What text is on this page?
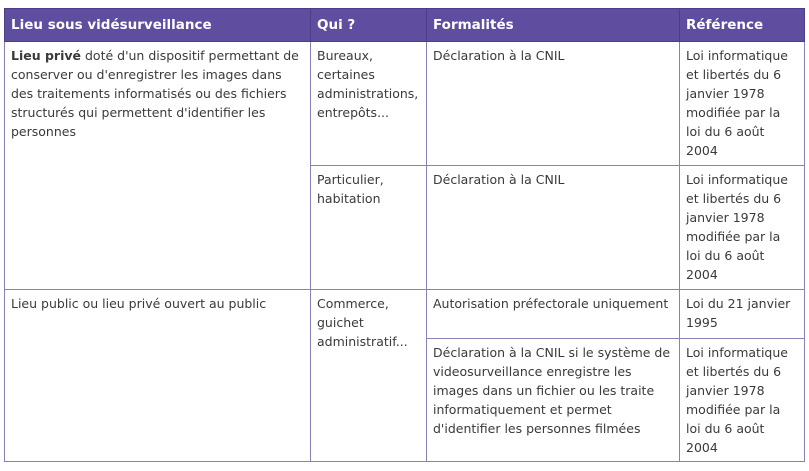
Lieu sous vidésurveillance	Qui ?	Formalités	Référence
Lieu privé doté d'un dispositif permettant de conserver ou d'enregistrer les images dans des traitements informatisés ou des fichiers structurés qui permettent d'identifier les personnes	Bureaux, certaines administrations, entrepôts...	Déclaration à la CNIL	Loi informatique et libertés du 6 janvier 1978 modifiée par la loi du 6 août 2004
	Particulier, habitation	Déclaration à la CNIL	Loi informatique et libertés du 6 janvier 1978 modifiée par la loi du 6 août 2004
Lieu public ou lieu privé ouvert au public	Commerce, guichet administratif...	Autorisation préfectorale uniquement	Loi du 21 janvier 1995
		Déclaration à la CNIL si le système de videosurveillance enregistre les images dans un fichier ou les traite informatiquement et permet d'identifier les personnes filmées	Loi informatique et libertés du 6 janvier 1978 modifiée par la loi du 6 août 2004
